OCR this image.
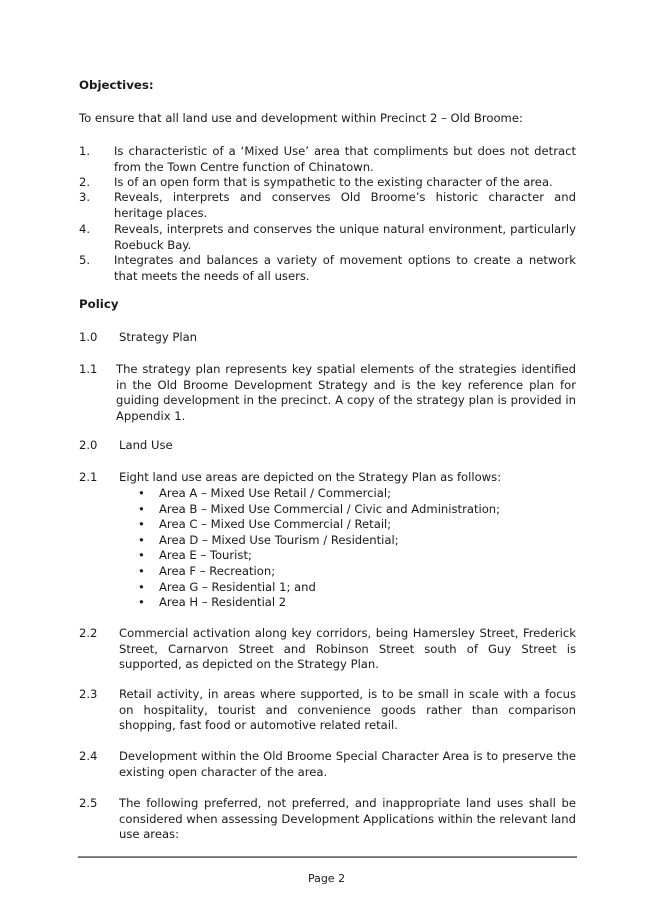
Objectives:
To ensure that all land use and development within Precinct 2 – Old Broome:
1. Is characteristic of a ‘Mixed Use’ area that compliments but does not detract from the Town Centre function of Chinatown.
2. Is of an open form that is sympathetic to the existing character of the area.
3. Reveals, interprets and conserves Old Broome’s historic character and heritage places.
4. Reveals, interprets and conserves the unique natural environment, particularly Roebuck Bay.
5. Integrates and balances a variety of movement options to create a network that meets the needs of all users.
Policy
1.0 Strategy Plan
1.1 The strategy plan represents key spatial elements of the strategies identified in the Old Broome Development Strategy and is the key reference plan for guiding development in the precinct. A copy of the strategy plan is provided in Appendix 1.
2.0 Land Use
2.1 Eight land use areas are depicted on the Strategy Plan as follows:
• Area A – Mixed Use Retail / Commercial;
• Area B – Mixed Use Commercial / Civic and Administration;
• Area C – Mixed Use Commercial / Retail;
• Area D – Mixed Use Tourism / Residential;
• Area E – Tourist;
• Area F – Recreation;
• Area G – Residential 1; and
• Area H – Residential 2
2.2 Commercial activation along key corridors, being Hamersley Street, Frederick Street, Carnarvon Street and Robinson Street south of Guy Street is supported, as depicted on the Strategy Plan.
2.3 Retail activity, in areas where supported, is to be small in scale with a focus on hospitality, tourist and convenience goods rather than comparison shopping, fast food or automotive related retail.
2.4 Development within the Old Broome Special Character Area is to preserve the existing open character of the area.
2.5 The following preferred, not preferred, and inappropriate land uses shall be considered when assessing Development Applications within the relevant land use areas:
Page 2
